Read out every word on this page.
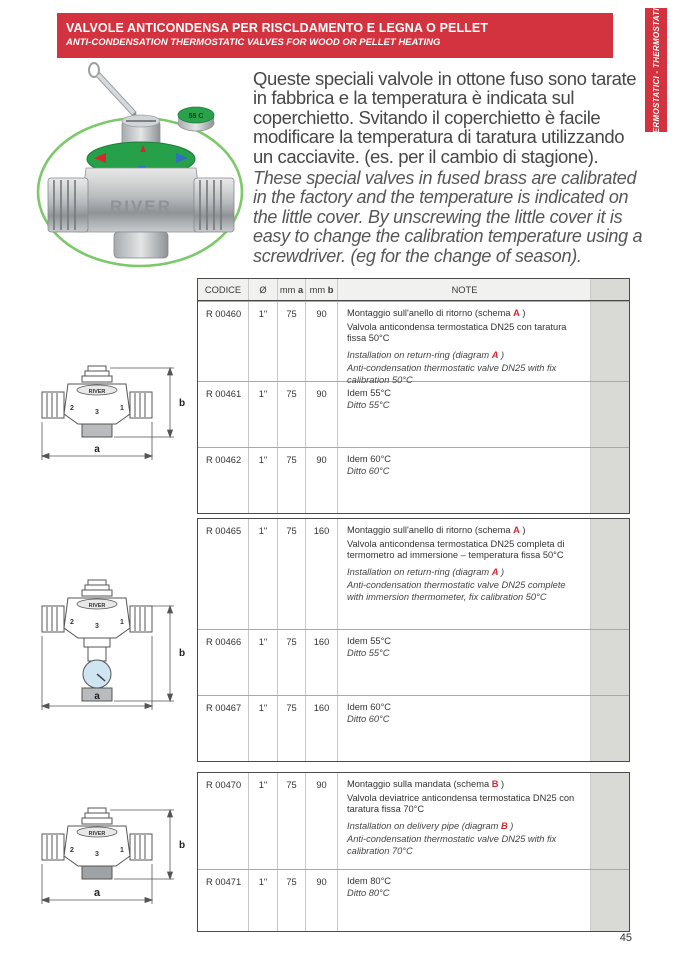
VALVOLE ANTICONDENSA PER RISCLDAMENTO E LEGNA O PELLET
ANTI-CONDENSATION THERMOSTATIC VALVES FOR WOOD OR PELLET HEATING	TERMOSTATICI - THERMOSTATIC
55 C
RIVER

Queste speciali valvole in ottone fuso sono tarate in fabbrica e la temperatura è indicata sul coperchietto. Svitando il coperchietto è facile modificare la temperatura di taratura utilizzando un cacciavite. (es. per il cambio di stagione).

These special valves in fused brass are calibrated in the factory and the temperature is indicated on the little cover. By unscrewing the little cover it is easy to change the calibration temperature using a screwdriver. (eg for the change of season).

RIVER
2
3
1
a
b
RIVER
2
3
1
a
b
RIVER
2
3
1
a
b
CODICE	Ø	mm a mm b	NOTE
R 00460	1"	75	90	Montaggio sull'anello di ritorno (schema A )
Valvola anticondensa termostatica DN25 con taratura fissa 50°C
Installation on return-ring (diagram A )
Anti-condensation thermostatic valve DN25 with fix calibration 50°C
R 00461	1"	75	90	Idem 55°C
Ditto 55°C
R 00462	1"	75	90	Idem 60°C
Ditto 60°C
R 00465	1"	75	160	Montaggio sull'anello di ritorno (schema A )
Valvola anticondensa termostatica DN25 completa di termometro ad immersione – temperatura fissa 50°C
Installation on return-ring (diagram A )
Anti-condensation thermostatic valve DN25 complete with immersion thermometer, fix calibration 50°C
R 00466	1"	75	160	Idem 55°C
Ditto 55°C
R 00467	1"	75	160	Idem 60°C
Ditto 60°C
R 00470	1"	75	90	Montaggio sulla mandata (schema B )
Valvola deviatrice anticondensa termostatica DN25 con taratura fissa 70°C
Installation on delivery pipe (diagram B )
Anti-condensation thermostatic valve DN25 with fix calibration 70°C
R 00471	1"	75	90	Idem 80°C
Ditto 80°C
45
